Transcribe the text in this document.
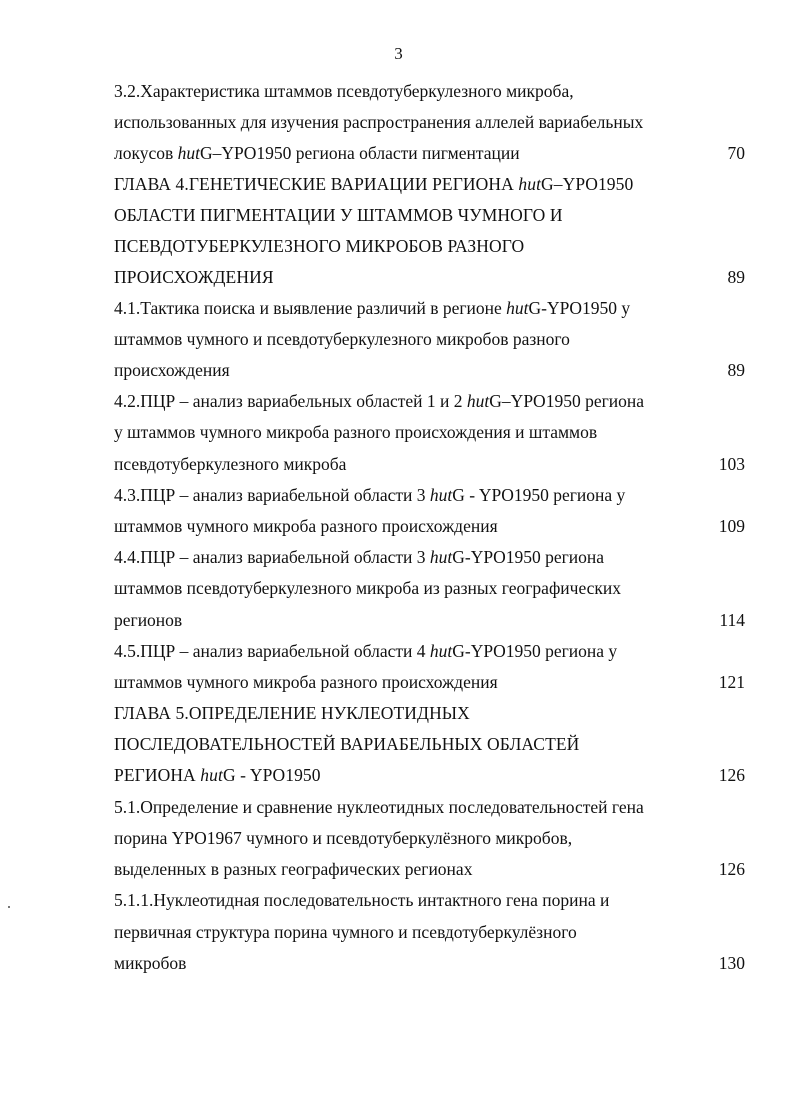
3
3.2.Характеристика штаммов псевдотуберкулезного микроба,
использованных для изучения распространения аллелей вариабельных
локусов hutG–YPO1950 региона области пигментации	70
ГЛАВА 4.ГЕНЕТИЧЕСКИЕ ВАРИАЦИИ РЕГИОНА hutG–YPO1950
ОБЛАСТИ ПИГМЕНТАЦИИ У ШТАММОВ ЧУМНОГО И
ПСЕВДОТУБЕРКУЛЕЗНОГО МИКРОБОВ РАЗНОГО
ПРОИСХОЖДЕНИЯ	89
4.1.Тактика поиска и выявление различий в регионе hutG-YPO1950 у
штаммов чумного и псевдотуберкулезного микробов разного
происхождения	89
4.2.ПЦР – анализ вариабельных областей 1 и 2 hutG–YPO1950 региона
у штаммов чумного микроба разного происхождения и штаммов
псевдотуберкулезного микроба	103
4.3.ПЦР – анализ вариабельной области 3 hutG - YPO1950 региона у
штаммов чумного микроба разного происхождения	109
4.4.ПЦР – анализ вариабельной области 3 hutG-YPO1950 региона
штаммов псевдотуберкулезного микроба из разных географических
регионов	114
4.5.ПЦР – анализ вариабельной области 4 hutG-YPO1950 региона у
штаммов чумного микроба разного происхождения	121
ГЛАВА 5.ОПРЕДЕЛЕНИЕ НУКЛЕОТИДНЫХ
ПОСЛЕДОВАТЕЛЬНОСТЕЙ ВАРИАБЕЛЬНЫХ ОБЛАСТЕЙ
РЕГИОНА hutG - YPO1950	126
5.1.Определение и сравнение нуклеотидных последовательностей гена
порина YPO1967 чумного и псевдотуберкулёзного микробов,
выделенных в разных географических регионах	126
5.1.1.Нуклеотидная последовательность интактного гена порина и
первичная структура порина чумного и псевдотуберкулёзного
микробов	130
